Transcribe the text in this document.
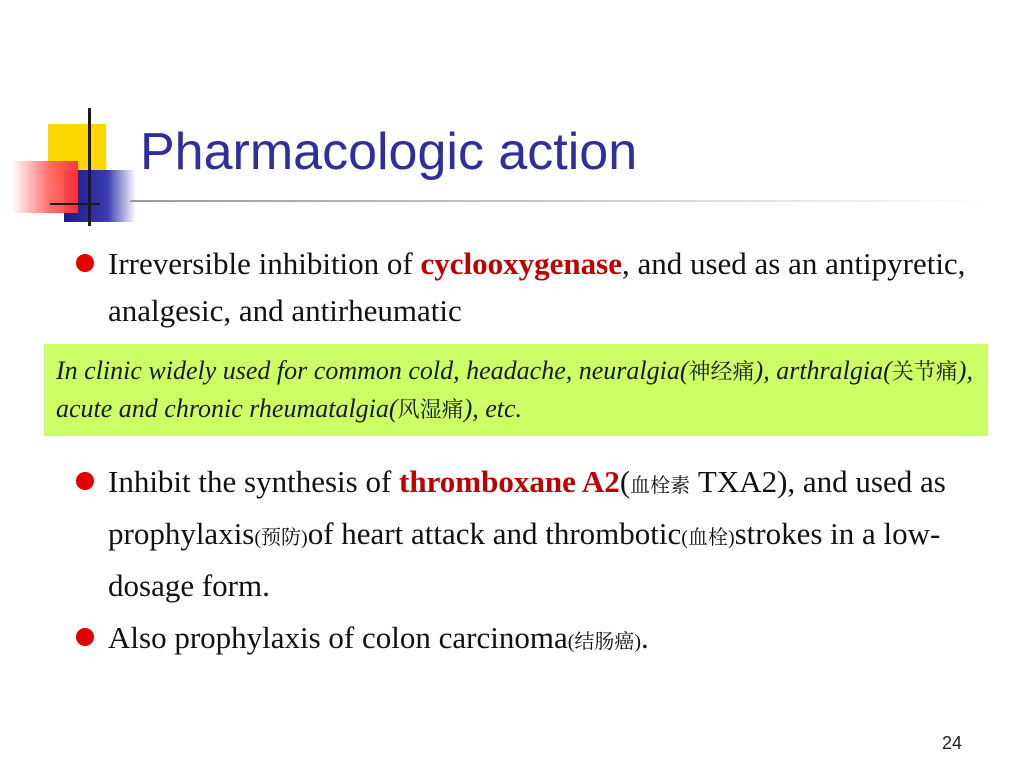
Pharmacologic action
Irreversible inhibition of cyclooxygenase, and used as an antipyretic, analgesic, and antirheumatic
In clinic widely used for common cold, headache, neuralgia(神经痛), arthralgia(关节痛), acute and chronic rheumatalgia(风湿痛), etc.
Inhibit the synthesis of thromboxane A2(血栓素 TXA2), and used as prophylaxis(预防)of heart attack and thrombotic(血栓)strokes in a low-dosage form.
Also prophylaxis of colon carcinoma(结肠癌).
24
